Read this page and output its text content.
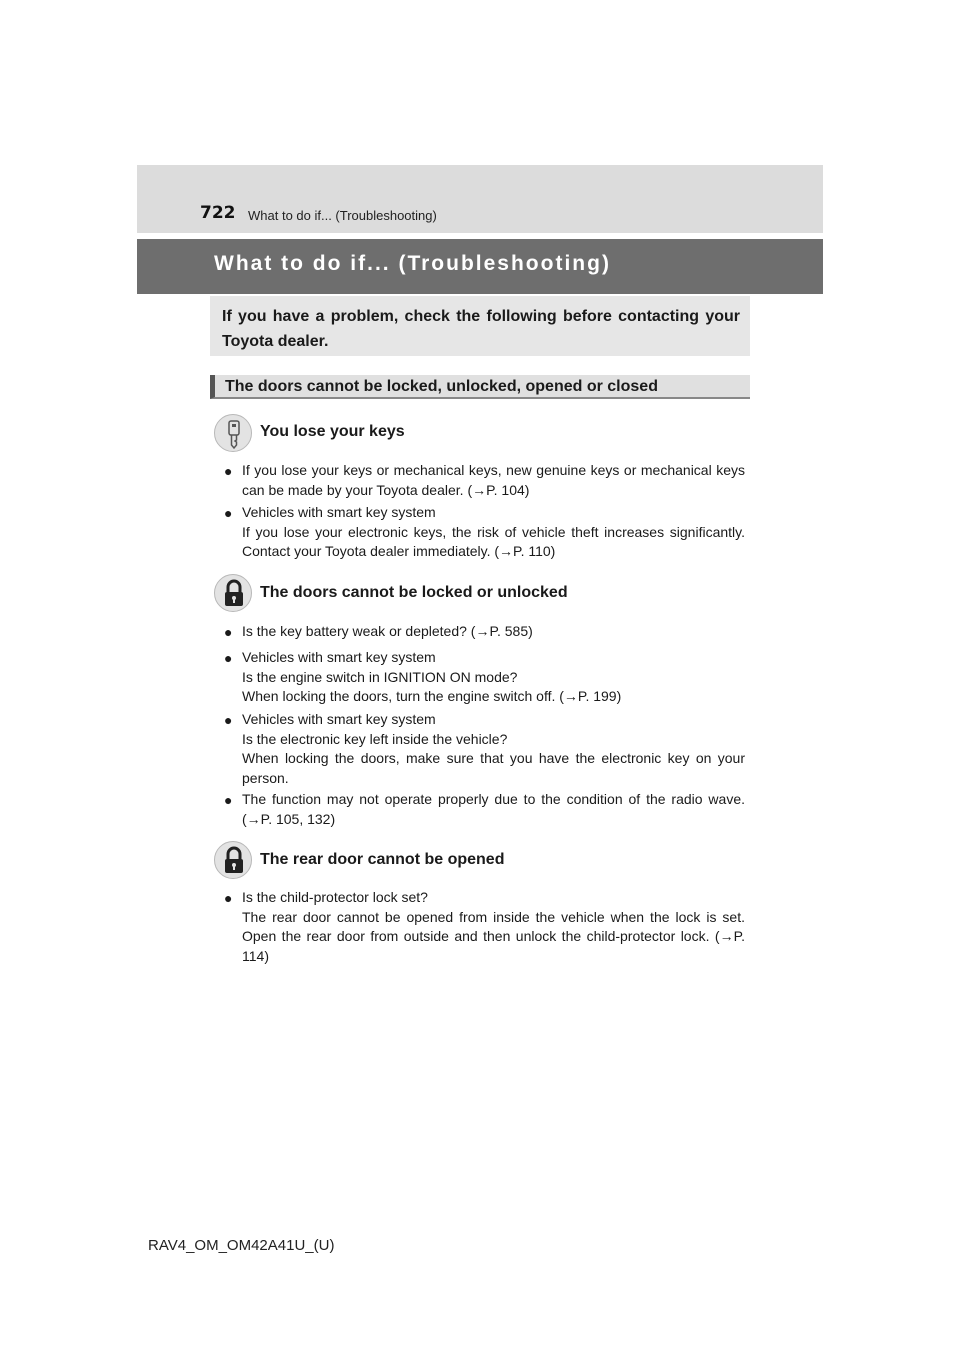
722 What to do if... (Troubleshooting)
What to do if... (Troubleshooting)
If you have a problem, check the following before contacting your Toyota dealer.
The doors cannot be locked, unlocked, opened or closed
You lose your keys
● If you lose your keys or mechanical keys, new genuine keys or mechanical keys can be made by your Toyota dealer. (→P. 104)
● Vehicles with smart key system
If you lose your electronic keys, the risk of vehicle theft increases significantly. Contact your Toyota dealer immediately. (→P. 110)
The doors cannot be locked or unlocked
● Is the key battery weak or depleted? (→P. 585)
● Vehicles with smart key system
Is the engine switch in IGNITION ON mode?
When locking the doors, turn the engine switch off. (→P. 199)
● Vehicles with smart key system
Is the electronic key left inside the vehicle?
When locking the doors, make sure that you have the electronic key on your person.
● The function may not operate properly due to the condition of the radio wave. (→P. 105, 132)
The rear door cannot be opened
● Is the child-protector lock set?
The rear door cannot be opened from inside the vehicle when the lock is set. Open the rear door from outside and then unlock the child-protector lock. (→P. 114)
RAV4_OM_OM42A41U_(U)
